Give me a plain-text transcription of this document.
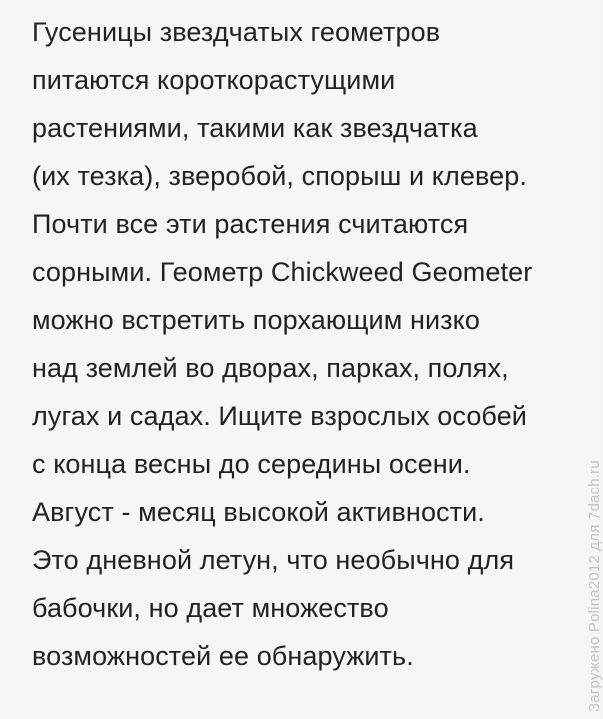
Гусеницы звездчатых геометров
питаются короткорастущими
растениями, такими как звездчатка
(их тезка), зверобой, спорыш и клевер.
Почти все эти растения считаются
сорными. Геометр Chickweed Geometer
можно встретить порхающим низко
над землей во дворах, парках, полях,
лугах и садах. Ищите взрослых особей
с конца весны до середины осени.
Август - месяц высокой активности.
Это дневной летун, что необычно для
бабочки, но дает множество
возможностей ее обнаружить.	Загружено Polina2012 для 7dach.ru
